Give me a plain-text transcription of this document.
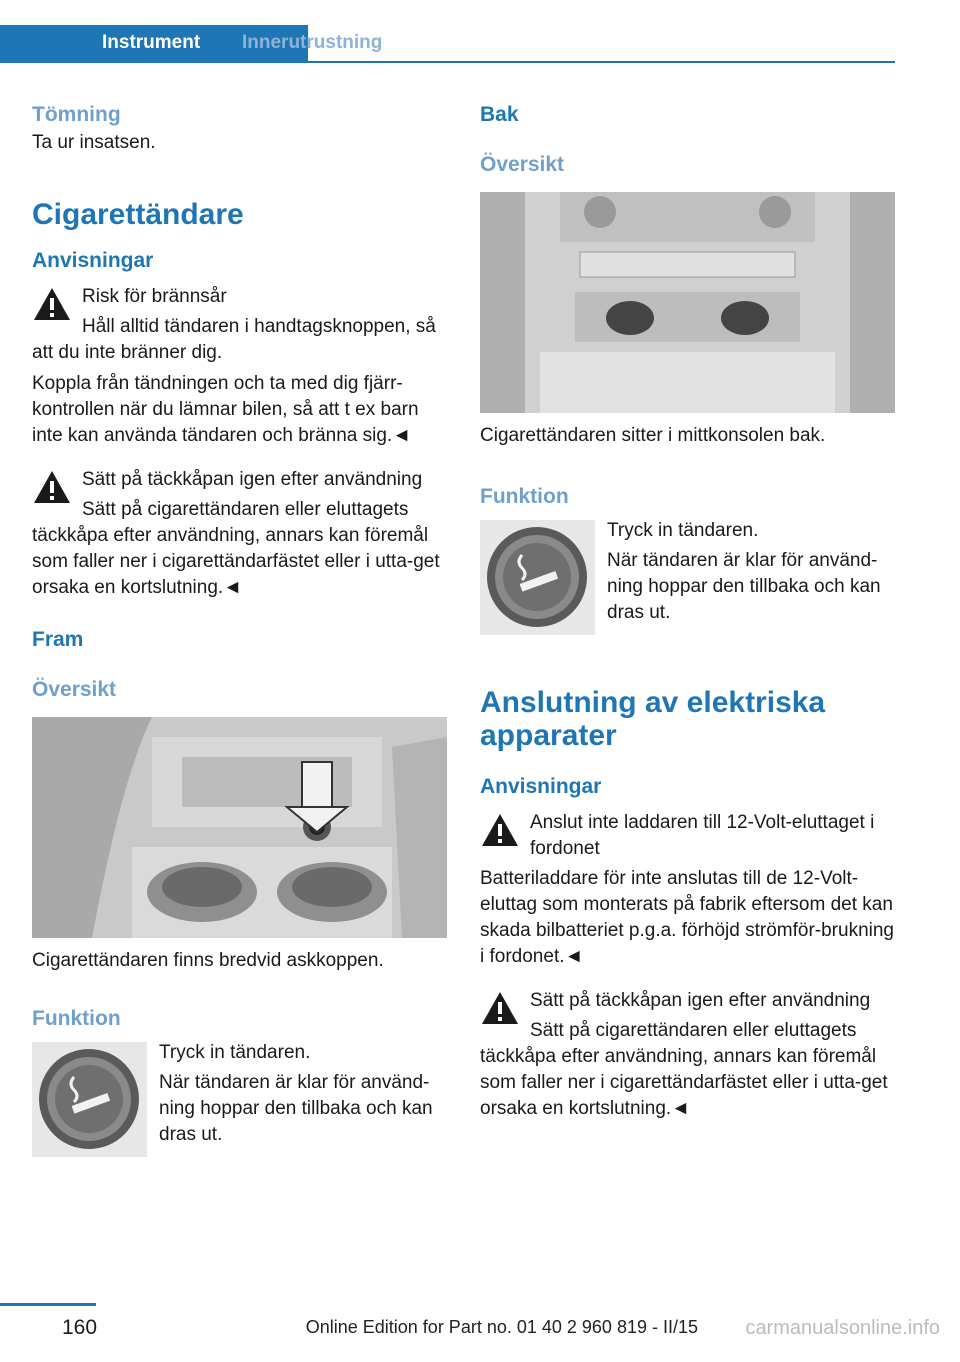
Instrument	Innerutrustning
Tömning

Ta ur insatsen.

Cigarettändare
Anvisningar

Risk för brännsår

Håll alltid tändaren i handtagsknoppen, så att du inte bränner dig.

Koppla från tändningen och ta med dig fjärr-kontrollen när du lämnar bilen, så att t ex barn inte kan använda tändaren och bränna sig.◄

Sätt på täckkåpan igen efter användning

Sätt på cigarettändaren eller eluttagets täckkåpa efter användning, annars kan föremål som faller ner i cigarettändarfästet eller i utta-get orsaka en kortslutning.◄

Fram
Översikt

Cigarettändaren finns bredvid askkoppen.

Funktion

Tryck in tändaren.

När tändaren är klar för använd-ning hoppar den tillbaka och kan dras ut.

Bak
Översikt

Cigarettändaren sitter i mittkonsolen bak.

Funktion

Tryck in tändaren.

När tändaren är klar för använd-ning hoppar den tillbaka och kan dras ut.

Anslutning av elektriska apparater
Anvisningar

Anslut inte laddaren till 12-Volt-eluttaget i fordonet

Batteriladdare för inte anslutas till de 12-Volt-eluttag som monterats på fabrik eftersom det kan skada bilbatteriet p.g.a. förhöjd strömför-brukning i fordonet.◄

Sätt på täckkåpan igen efter användning

Sätt på cigarettändaren eller eluttagets täckkåpa efter användning, annars kan föremål som faller ner i cigarettändarfästet eller i utta-get orsaka en kortslutning.◄

160	Online Edition for Part no. 01 40 2 960 819 - II/15 carmanualsonline.info
